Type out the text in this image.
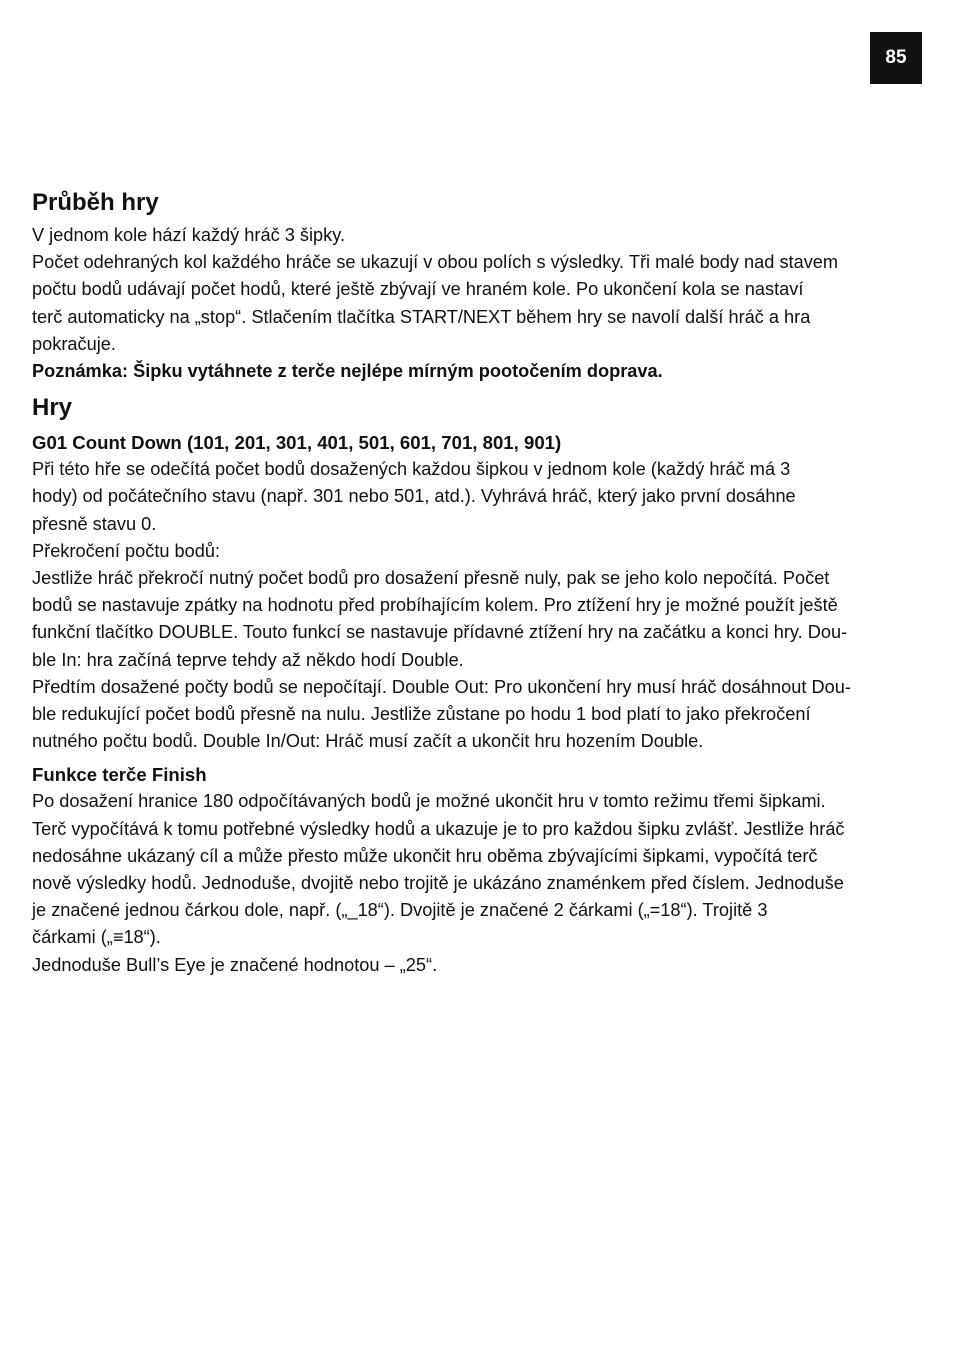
85
Průběh hry

V jednom kole hází každý hráč 3 šipky.

Počet odehraných kol každého hráče se ukazují v obou polích s výsledky. Tři malé body nad stavem

počtu bodů udávají počet hodů, které ještě zbývají ve hraném kole. Po ukončení kola se nastaví

terč automaticky na „stop“. Stlačením tlačítka START/NEXT během hry se navolí další hráč a hra

pokračuje.

Poznámka: Šipku vytáhnete z terče nejlépe mírným pootočením doprava.

Hry
G01 Count Down (101, 201, 301, 401, 501, 601, 701, 801, 901)

Při této hře se odečítá počet bodů dosažených každou šipkou v jednom kole (každý hráč má 3

hody) od počátečního stavu (např. 301 nebo 501, atd.). Vyhrává hráč, který jako první dosáhne

přesně stavu 0.

Překročení počtu bodů:

Jestliže hráč překročí nutný počet bodů pro dosažení přesně nuly, pak se jeho kolo nepočítá. Počet

bodů se nastavuje zpátky na hodnotu před probíhajícím kolem. Pro ztížení hry je možné použít ještě

funkční tlačítko DOUBLE. Touto funkcí se nastavuje přídavné ztížení hry na začátku a konci hry. Dou-

ble In: hra začíná teprve tehdy až někdo hodí Double.

Předtím dosažené počty bodů se nepočítají. Double Out: Pro ukončení hry musí hráč dosáhnout Dou-

ble redukující počet bodů přesně na nulu. Jestliže zůstane po hodu 1 bod platí to jako překročení

nutného počtu bodů. Double In/Out: Hráč musí začít a ukončit hru hozením Double.

Funkce terče Finish

Po dosažení hranice 180 odpočítávaných bodů je možné ukončit hru v tomto režimu třemi šipkami.

Terč vypočítává k tomu potřebné výsledky hodů a ukazuje je to pro každou šipku zvlášť. Jestliže hráč

nedosáhne ukázaný cíl a může přesto může ukončit hru oběma zbývajícími šipkami, vypočítá terč

nově výsledky hodů. Jednoduše, dvojitě nebo trojitě je ukázáno znaménkem před číslem. Jednoduše

je značené jednou čárkou dole, např. („_18“). Dvojitě je značené 2 čárkami („=18“). Trojitě 3

čárkami („≡18“).

Jednoduše Bull’s Eye je značené hodnotou – „25“.
